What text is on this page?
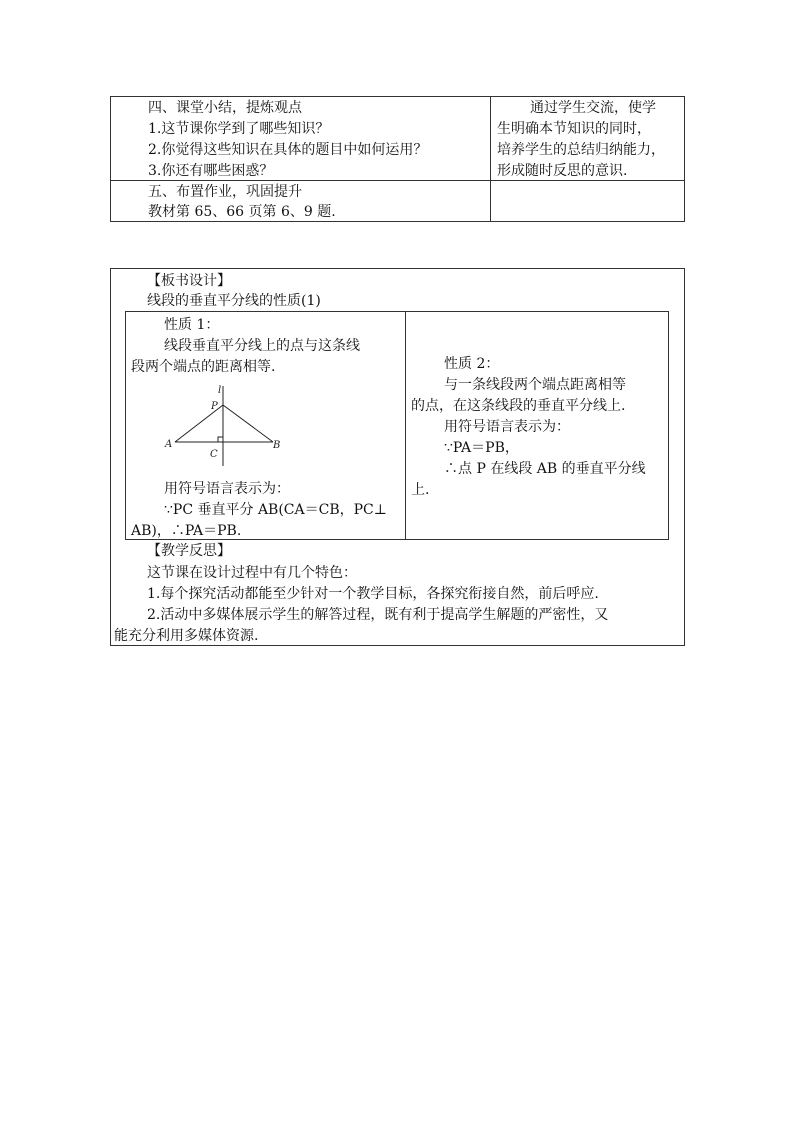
四、课堂小结，提炼观点
1.这节课你学到了哪些知识？
2.你觉得这些知识在具体的题目中如何运用？
3.你还有哪些困惑？
通过学生交流，使学
生明确本节知识的同时，
培养学生的总结归纳能力，
形成随时反思的意识.
五、布置作业，巩固提升
教材第 65、66 页第 6、9 题.
【板书设计】
线段的垂直平分线的性质(1)
性质 1：
线段垂直平分线上的点与这条线
段两个端点的距离相等.
l
P
A	B
C
用符号语言表示为：
∵PC 垂直平分 AB(CA＝CB，PC⊥
AB)，∴PA＝PB.
性质 2：
与一条线段两个端点距离相等
的点，在这条线段的垂直平分线上.
用符号语言表示为：
∵PA＝PB，
∴点 P 在线段 AB 的垂直平分线
上.
【教学反思】
这节课在设计过程中有几个特色：
1.每个探究活动都能至少针对一个教学目标，各探究衔接自然，前后呼应.
2.活动中多媒体展示学生的解答过程，既有利于提高学生解题的严密性，又
能充分利用多媒体资源.
